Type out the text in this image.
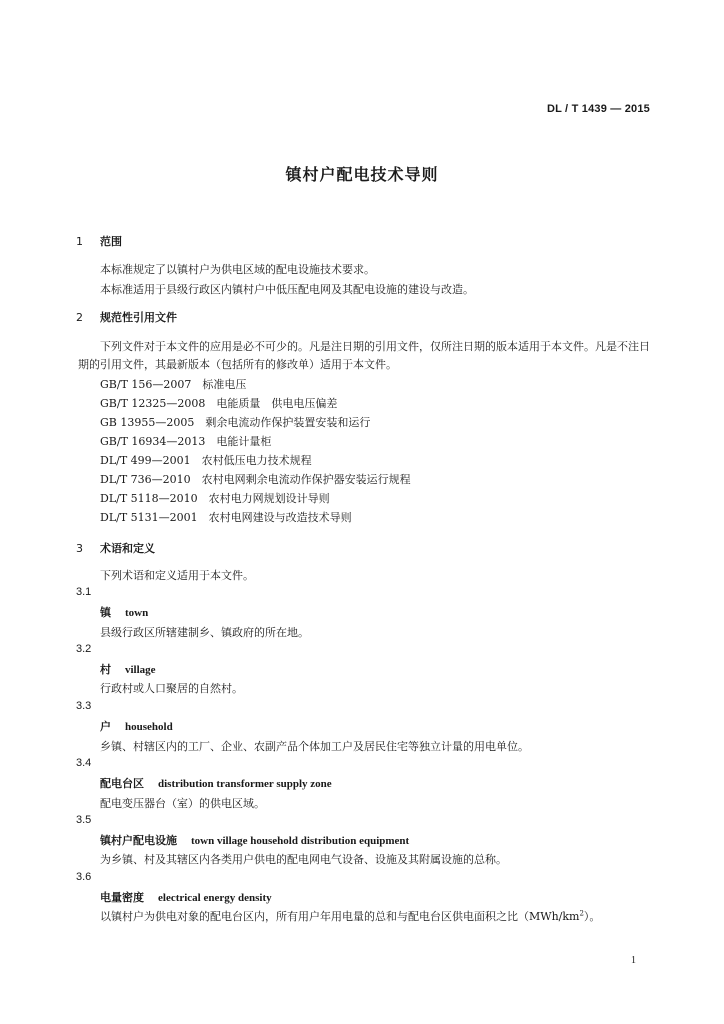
DL / T 1439 — 2015
镇村户配电技术导则
1 范围
本标准规定了以镇村户为供电区域的配电设施技术要求。
本标准适用于县级行政区内镇村户中低压配电网及其配电设施的建设与改造。
2 规范性引用文件
下列文件对于本文件的应用是必不可少的。凡是注日期的引用文件，仅所注日期的版本适用于本文件。凡是不注日期的引用文件，其最新版本（包括所有的修改单）适用于本文件。
GB/T 156—2007　标准电压
GB/T 12325—2008　电能质量　供电电压偏差
GB 13955—2005　剩余电流动作保护装置安装和运行
GB/T 16934—2013　电能计量柜
DL/T 499—2001　农村低压电力技术规程
DL/T 736—2010　农村电网剩余电流动作保护器安装运行规程
DL/T 5118—2010　农村电力网规划设计导则
DL/T 5131—2001　农村电网建设与改造技术导则
3 术语和定义
下列术语和定义适用于本文件。
3.1
镇 town
县级行政区所辖建制乡、镇政府的所在地。
3.2
村 village
行政村或人口聚居的自然村。
3.3
户 household
乡镇、村辖区内的工厂、企业、农副产品个体加工户及居民住宅等独立计量的用电单位。
3.4
配电台区 distribution transformer supply zone
配电变压器台（室）的供电区域。
3.5
镇村户配电设施 town village household distribution equipment
为乡镇、村及其辖区内各类用户供电的配电网电气设备、设施及其附属设施的总称。
3.6
电量密度 electrical energy density
以镇村户为供电对象的配电台区内，所有用户年用电量的总和与配电台区供电面积之比$(MWh/km^2)$。
1
